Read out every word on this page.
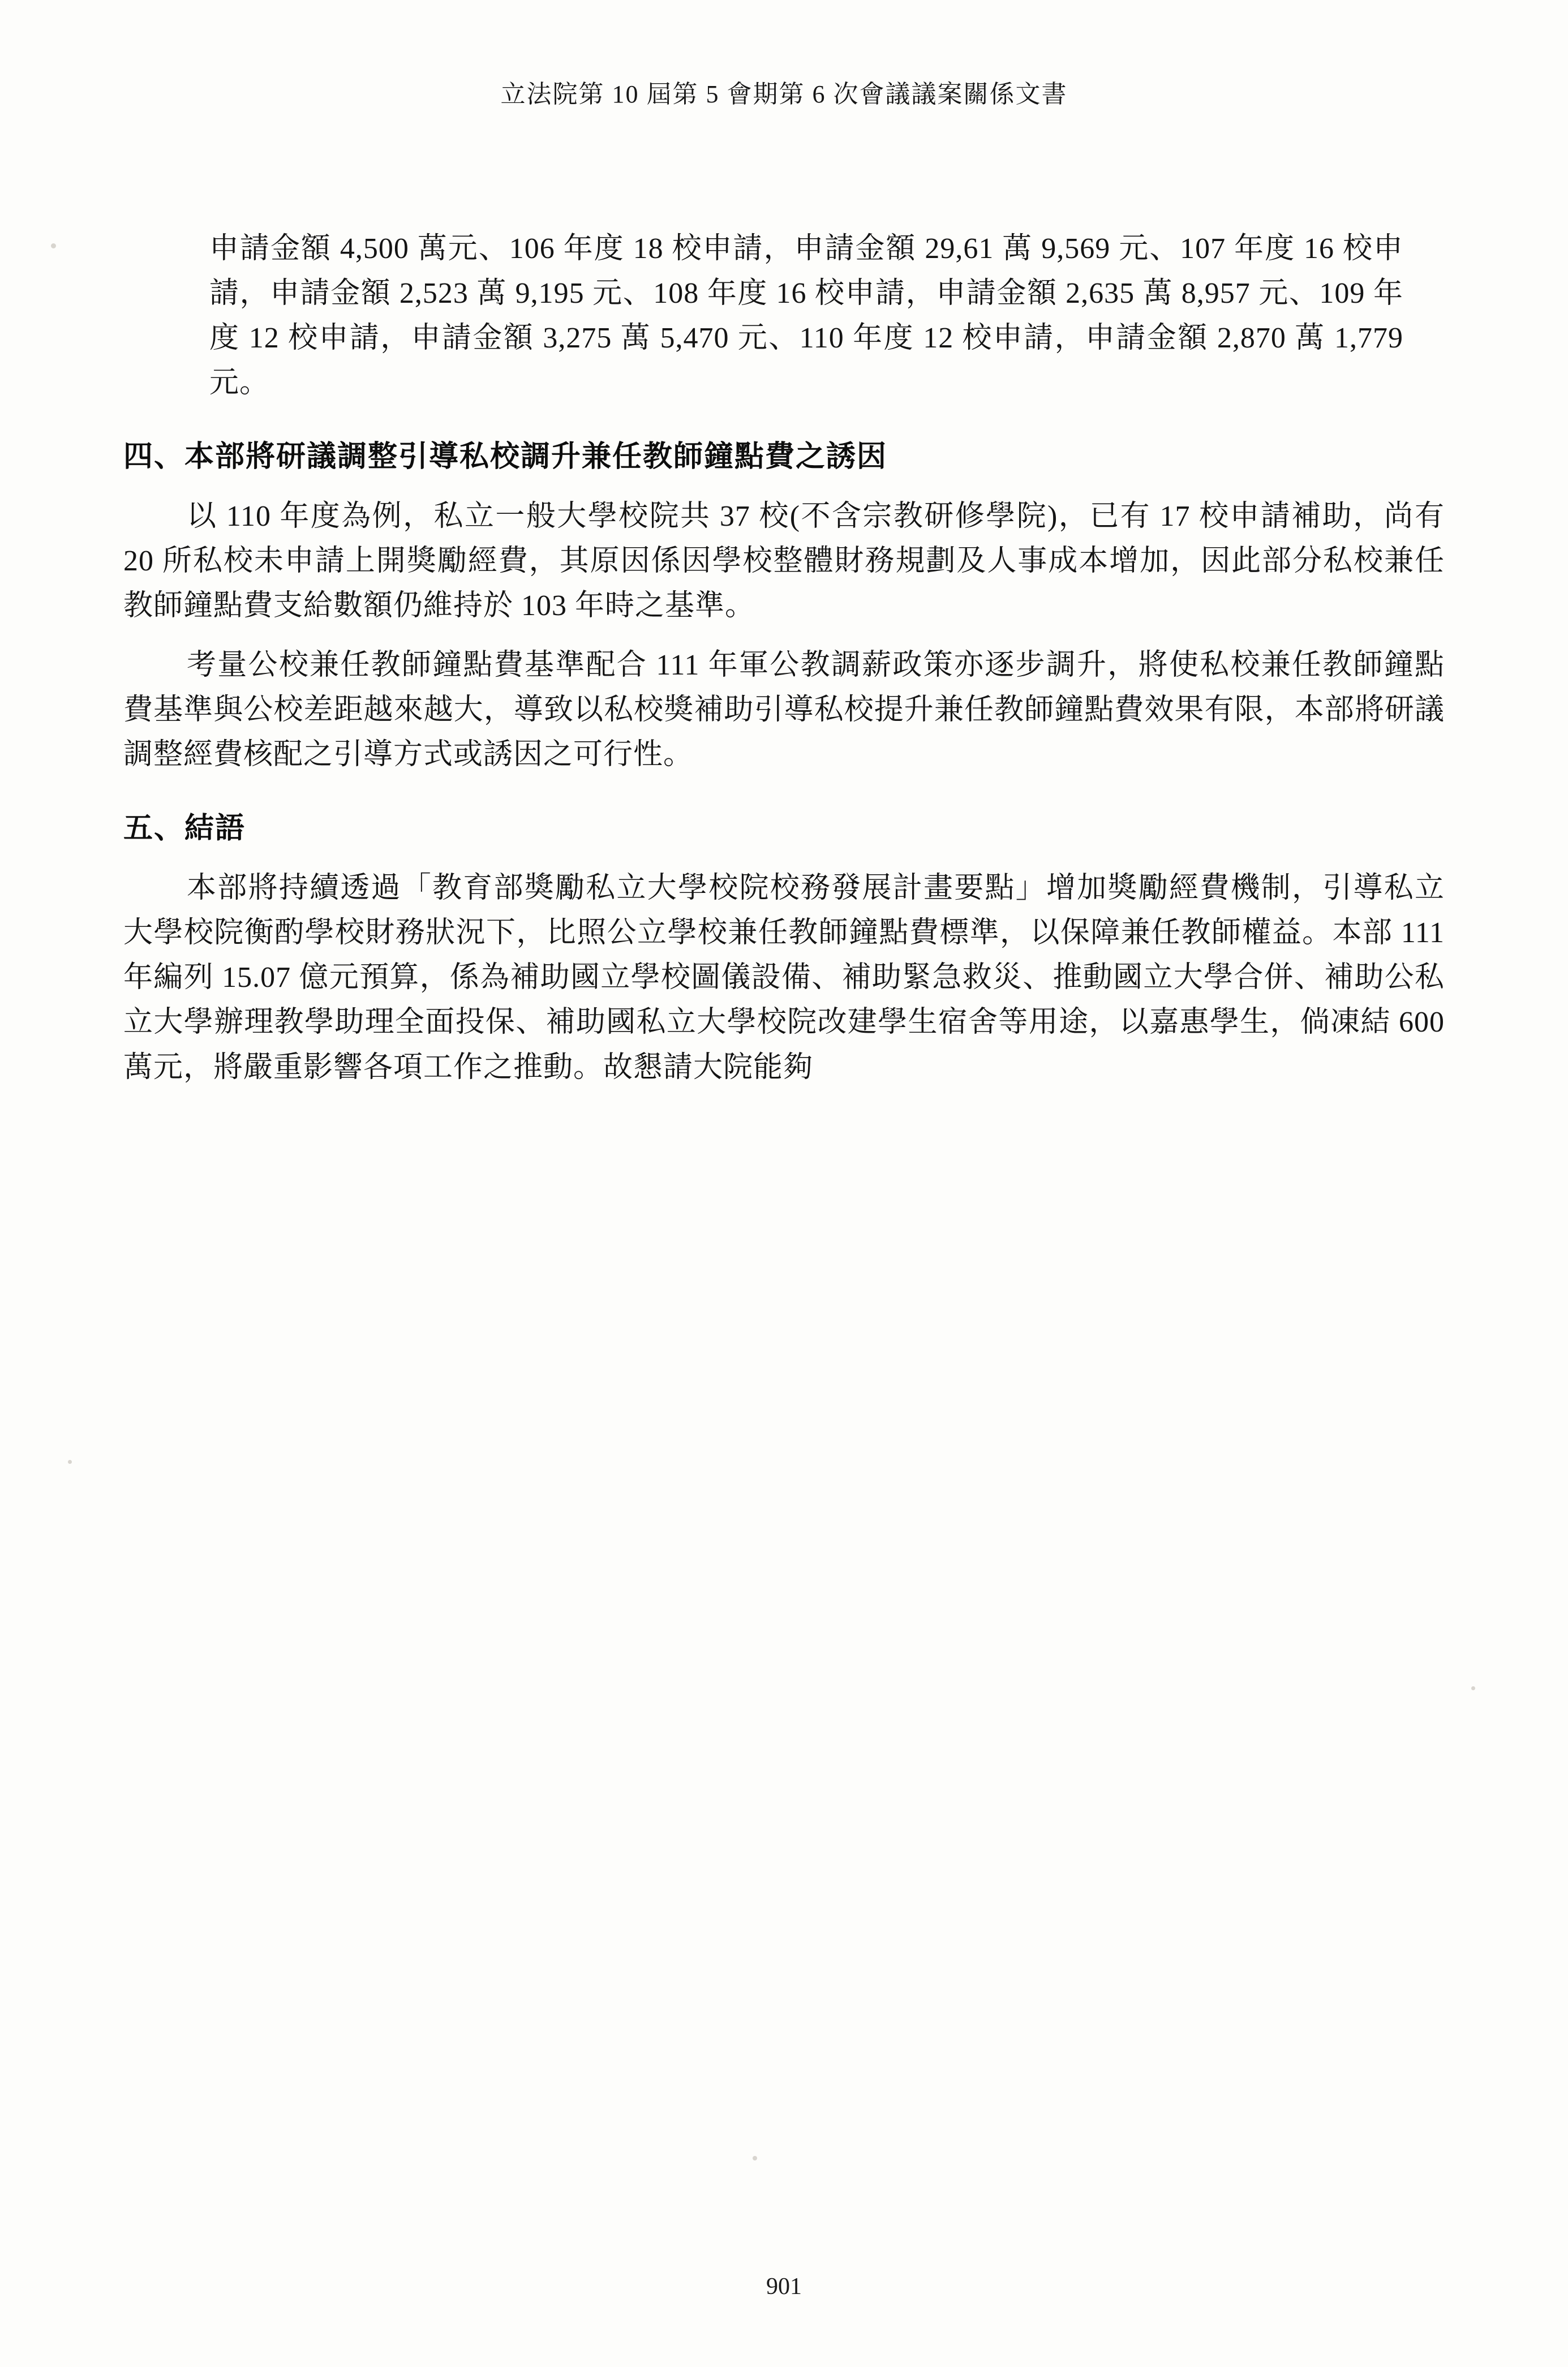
立法院第 10 屆第 5 會期第 6 次會議議案關係文書

申請金額 4,500 萬元、106 年度 18 校申請，申請金額 29,61 萬 9,569 元、107 年度 16 校申請，申請金額 2,523 萬 9,195 元、108 年度 16 校申請，申請金額 2,635 萬 8,957 元、109 年度 12 校申請，申請金額 3,275 萬 5,470 元、110 年度 12 校申請，申請金額 2,870 萬 1,779 元。

四、本部將研議調整引導私校調升兼任教師鐘點費之誘因

以 110 年度為例，私立一般大學校院共 37 校(不含宗教研修學院)，已有 17 校申請補助，尚有 20 所私校未申請上開獎勵經費，其原因係因學校整體財務規劃及人事成本增加，因此部分私校兼任教師鐘點費支給數額仍維持於 103 年時之基準。

考量公校兼任教師鐘點費基準配合 111 年軍公教調薪政策亦逐步調升，將使私校兼任教師鐘點費基準與公校差距越來越大，導致以私校獎補助引導私校提升兼任教師鐘點費效果有限，本部將研議調整經費核配之引導方式或誘因之可行性。

五、結語

本部將持續透過「教育部獎勵私立大學校院校務發展計畫要點」增加獎勵經費機制，引導私立大學校院衡酌學校財務狀況下，比照公立學校兼任教師鐘點費標準，以保障兼任教師權益。本部 111 年編列 15.07 億元預算，係為補助國立學校圖儀設備、補助緊急救災、推動國立大學合併、補助公私立大學辦理教學助理全面投保、補助國私立大學校院改建學生宿舍等用途，以嘉惠學生，倘凍結 600 萬元，將嚴重影響各項工作之推動。故懇請大院能夠

901
